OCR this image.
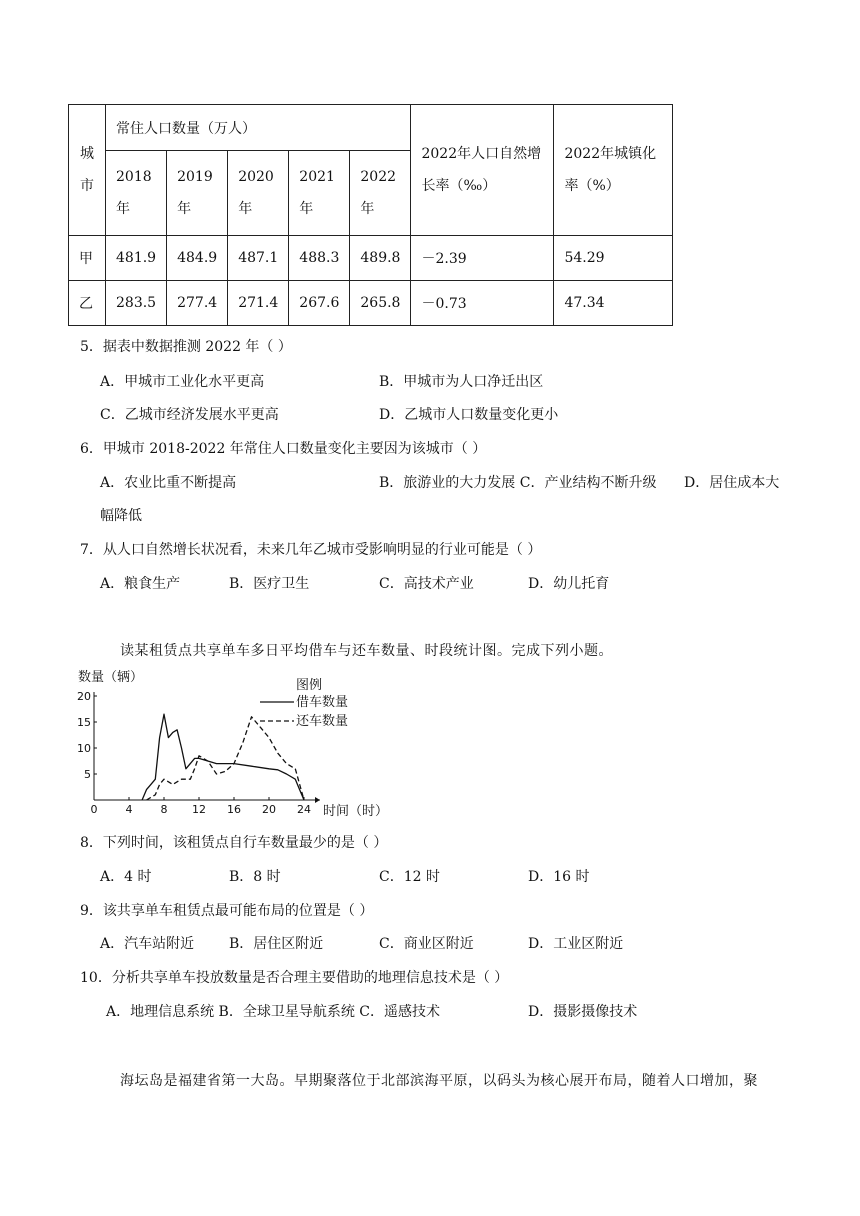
城市	常住人口数量（万人）					2022年人口自然增长率（‰）	2022年城镇化率（%）
	2018年	2019年	2020年	2021年	2022年		
甲	481.9	484.9	487.1	488.3	489.8	－2.39	54.29
乙	283.5	277.4	271.4	267.6	265.8	－0.73	47.34
5．据表中数据推测 2022 年（ ）
A．甲城市工业化水平更高	B．甲城市为人口净迁出区
C．乙城市经济发展水平更高	D．乙城市人口数量变化更小
6．甲城市 2018-2022 年常住人口数量变化主要因为该城市（ ）
A．农业比重不断提高	B．旅游业的大力发展 C．产业结构不断升级 D．居住成本大
幅降低
7．从人口自然增长状况看，未来几年乙城市受影响明显的行业可能是（ ）
A．粮食生产	B．医疗卫生	C．高技术产业	D．幼儿托育
读某租赁点共享单车多日平均借车与还车数量、时段统计图。完成下列小题。
数量（辆）
时间（时）
0	4	8 12 16 20 24
5
10
15
20
图例
借车数量
还车数量
8．下列时间，该租赁点自行车数量最少的是（ ）
A．4 时	B．8 时	C．12 时	D．16 时
9．该共享单车租赁点最可能布局的位置是（ ）
A．汽车站附近 B．居住区附近	C．商业区附近	D．工业区附近
10．分析共享单车投放数量是否合理主要借助的地理信息技术是（ ）
A．地理信息系统 B．全球卫星导航系统 C．遥感技术	D．摄影摄像技术
海坛岛是福建省第一大岛。早期聚落位于北部滨海平原，以码头为核心展开布局，随着人口增加，聚
